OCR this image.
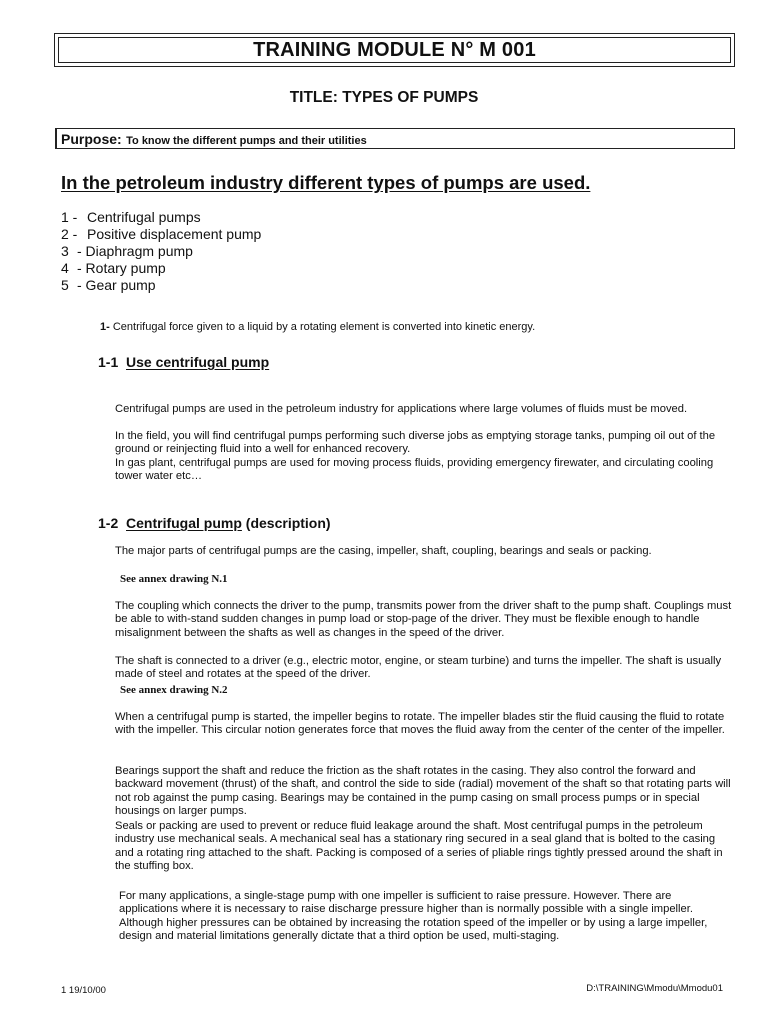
TRAINING MODULE N° M 001
TITLE: TYPES OF PUMPS
Purpose: To know the different pumps and their utilities
In the petroleum industry different types of pumps are used.
1 - Centrifugal pumps
2 - Positive displacement pump
3 - Diaphragm pump
4 - Rotary pump
5 - Gear pump
1- Centrifugal force given to a liquid by a rotating element is converted into kinetic energy.
1-1 Use centrifugal pump

Centrifugal pumps are used in the petroleum industry for applications where large volumes of fluids must be moved.

In the field, you will find centrifugal pumps performing such diverse jobs as emptying storage tanks, pumping oil out of the ground or reinjecting fluid into a well for enhanced recovery.

In gas plant, centrifugal pumps are used for moving process fluids, providing emergency firewater, and circulating cooling tower water etc…

1-2 Centrifugal pump (description)

The major parts of centrifugal pumps are the casing, impeller, shaft, coupling, bearings and seals or packing.

See annex drawing N.1

The coupling which connects the driver to the pump, transmits power from the driver shaft to the pump shaft. Couplings must be able to with-stand sudden changes in pump load or stop-page of the driver. They must be flexible enough to handle misalignment between the shafts as well as changes in the speed of the driver.

The shaft is connected to a driver (e.g., electric motor, engine, or steam turbine) and turns the impeller. The shaft is usually made of steel and rotates at the speed of the driver.

See annex drawing N.2

When a centrifugal pump is started, the impeller begins to rotate. The impeller blades stir the fluid causing the fluid to rotate with the impeller. This circular notion generates force that moves the fluid away from the center of the center of the impeller.

Bearings support the shaft and reduce the friction as the shaft rotates in the casing. They also control the forward and backward movement (thrust) of the shaft, and control the side to side (radial) movement of the shaft so that rotating parts will not rob against the pump casing. Bearings may be contained in the pump casing on small process pumps or in special housings on larger pumps.

Seals or packing are used to prevent or reduce fluid leakage around the shaft. Most centrifugal pumps in the petroleum industry use mechanical seals. A mechanical seal has a stationary ring secured in a seal gland that is bolted to the casing and a rotating ring attached to the shaft. Packing is composed of a series of pliable rings tightly pressed around the shaft in the stuffing box.

For many applications, a single-stage pump with one impeller is sufficient to raise pressure. However. There are applications where it is necessary to raise discharge pressure higher than is normally possible with a single impeller. Although higher pressures can be obtained by increasing the rotation speed of the impeller or by using a large impeller, design and material limitations generally dictate that a third option be used, multi-staging.

1 19/10/00	D:\TRAINING\Mmodu\Mmodu01
